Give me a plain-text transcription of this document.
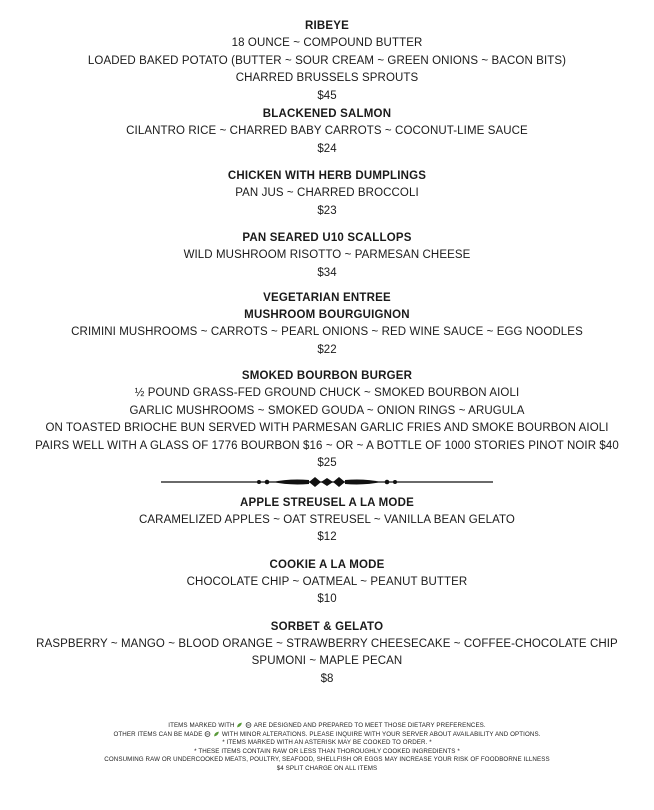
RIBEYE

18 OUNCE ~ COMPOUND BUTTER

LOADED BAKED POTATO (BUTTER ~ SOUR CREAM ~ GREEN ONIONS ~ BACON BITS)

CHARRED BRUSSELS SPROUTS

$45

BLACKENED SALMON

CILANTRO RICE ~ CHARRED BABY CARROTS ~ COCONUT-LIME SAUCE

$24

CHICKEN WITH HERB DUMPLINGS

PAN JUS ~ CHARRED BROCCOLI

$23

PAN SEARED U10 SCALLOPS

WILD MUSHROOM RISOTTO ~ PARMESAN CHEESE

$34

VEGETARIAN ENTREE
MUSHROOM BOURGUIGNON

CRIMINI MUSHROOMS ~ CARROTS ~ PEARL ONIONS ~ RED WINE SAUCE ~ EGG NOODLES

$22

SMOKED BOURBON BURGER

½ POUND GRASS-FED GROUND CHUCK ~ SMOKED BOURBON AIOLI

GARLIC MUSHROOMS ~ SMOKED GOUDA ~ ONION RINGS ~ ARUGULA

ON TOASTED BRIOCHE BUN SERVED WITH PARMESAN GARLIC FRIES AND SMOKE BOURBON AIOLI

PAIRS WELL WITH A GLASS OF 1776 BOURBON $16 ~ OR ~ A BOTTLE OF 1000 STORIES PINOT NOIR $40

$25

APPLE STREUSEL A LA MODE

CARAMELIZED APPLES ~ OAT STREUSEL ~ VANILLA BEAN GELATO

$12

COOKIE A LA MODE

CHOCOLATE CHIP ~ OATMEAL ~ PEANUT BUTTER

$10

SORBET & GELATO

RASPBERRY ~ MANGO ~ BLOOD ORANGE ~ STRAWBERRY CHEESECAKE ~ COFFEE-CHOCOLATE CHIP

SPUMONI ~ MAPLE PECAN

$8

ITEMS MARKED WITH	ARE DESIGNED AND PREPARED TO MEET THOSE DIETARY PREFERENCES.
OTHER ITEMS CAN BE MADE	WITH MINOR ALTERATIONS. PLEASE INQUIRE WITH YOUR SERVER ABOUT AVAILABILITY AND OPTIONS.
* ITEMS MARKED WITH AN ASTERISK MAY BE COOKED TO ORDER. *
* THESE ITEMS CONTAIN RAW OR LESS THAN THOROUGHLY COOKED INGREDIENTS *
CONSUMING RAW OR UNDERCOOKED MEATS, POULTRY, SEAFOOD, SHELLFISH OR EGGS MAY INCREASE YOUR RISK OF FOODBORNE ILLNESS
$4 SPLIT CHARGE ON ALL ITEMS
